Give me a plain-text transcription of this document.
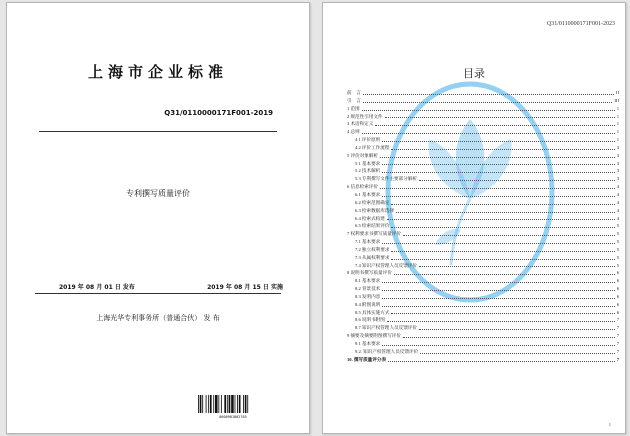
上海市企业标准
Q31/0110000171F001-2019
专利撰写质量评价
2019 年 08 月 01 日 发布	2019 年 08 月 15 日 实施
上海光华专利事务所（普通合伙） 发 布
0600901002765
Q31/0110000171F001-2023
目录
前　言	II
引　言	III
1 范围	1
2 规范性引用文件	1
3 术语和定义	1
4 总则	1
4.1 评价原则	1
4.2 评价工作流程	3
5 评价对象解析	3
5.1 基本要求	3
5.2 技术解析	3
5.3 专利撰写文件主要部分解析	3
6 信息检索评价	4
6.1 基本要求	4
6.2 检索范围确定	4
6.3 检索数据库选择	4
6.4 检索式构建	4
6.5 检索结果评价	5
7 权利要求书撰写质量评价	5
7.1 基本要求	5
7.2 独立权利要求	5
7.3 从属权利要求	5
7.4 知识产权管理人员反馈评价	5
8 说明书撰写质量评价	6
8.1 基本要求	6
8.2 背景技术	6
8.3 发明内容	6
8.4 附图说明	6
8.5 具体实施方式	6
8.6 说明书附图	7
8.7 知识产权管理人员反馈评价	7
9 摘要及摘要附图撰写评价	7
9.1 基本要求	7
9.2. 知识产权管理人员反馈评价	7
10. 撰写质量评分表	7
1
